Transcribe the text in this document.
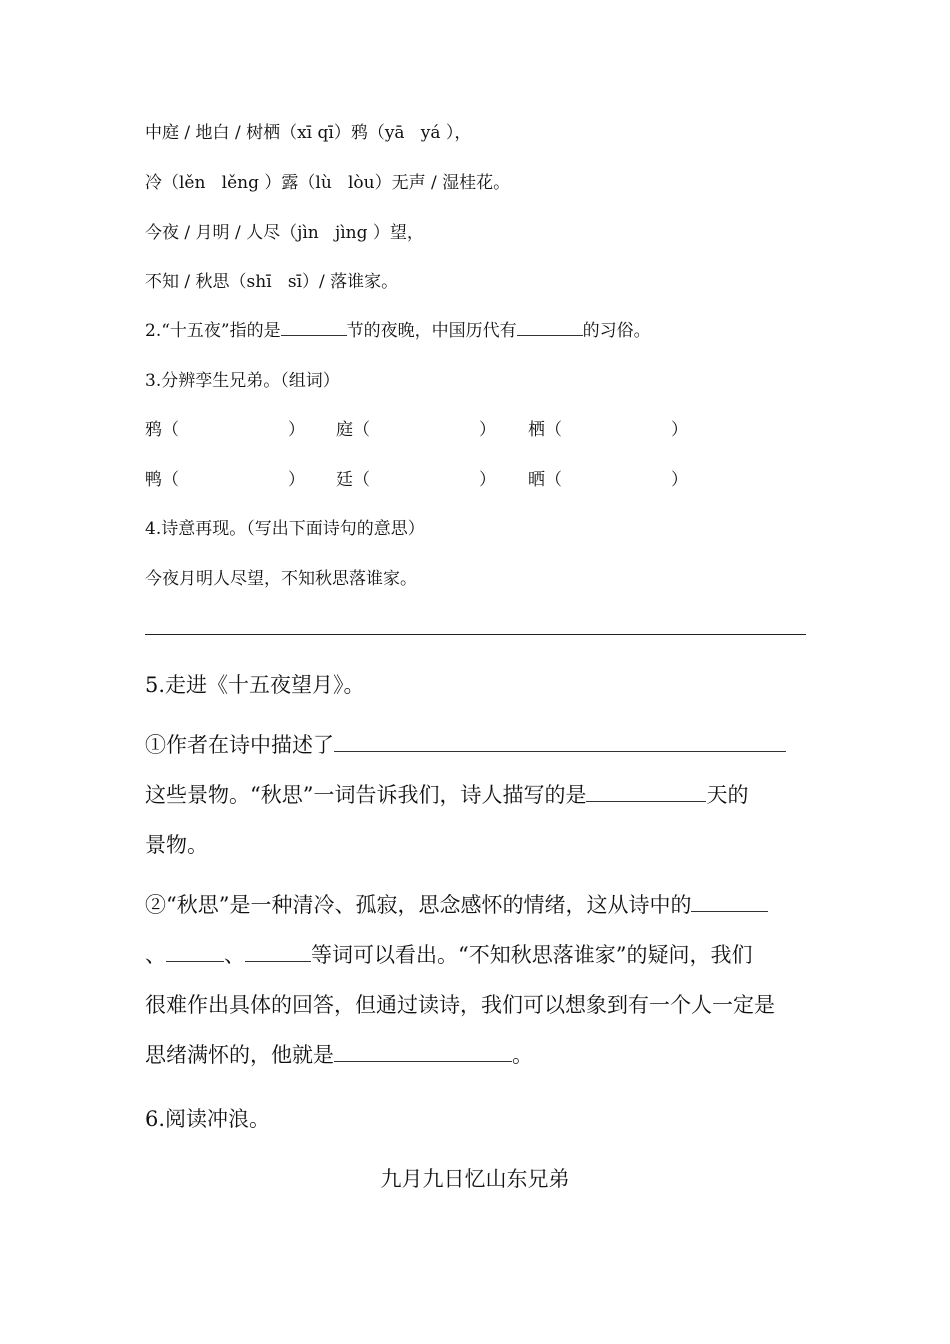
中庭 / 地白 / 树栖（xī qī）鸦（yā   yá ），
冷（lěn   lěng ）露（lù   lòu）无声 / 湿桂花。
今夜 / 月明 / 人尽（jìn   jìng ）望，
不知 / 秋思（shī   sī）/ 落谁家。
2.“十五夜”指的是	节的夜晚，中国历代有	的习俗。
3.分辨孪生兄弟。（组词）
鸦（	） 庭（	） 栖（	）
鸭（	） 廷（	） 晒（	）
4.诗意再现。（写出下面诗句的意思）
今夜月明人尽望，不知秋思落谁家。
5.走进《十五夜望月》。
①作者在诗中描述了
这些景物。“秋思”一词告诉我们，诗人描写的是	天的
景物。
②“秋思”是一种清冷、孤寂，思念感怀的情绪，这从诗中的
、	、	等词可以看出。“不知秋思落谁家”的疑问，我们
很难作出具体的回答，但通过读诗，我们可以想象到有一个人一定是
思绪满怀的，他就是	。
6.阅读冲浪。
九月九日忆山东兄弟
